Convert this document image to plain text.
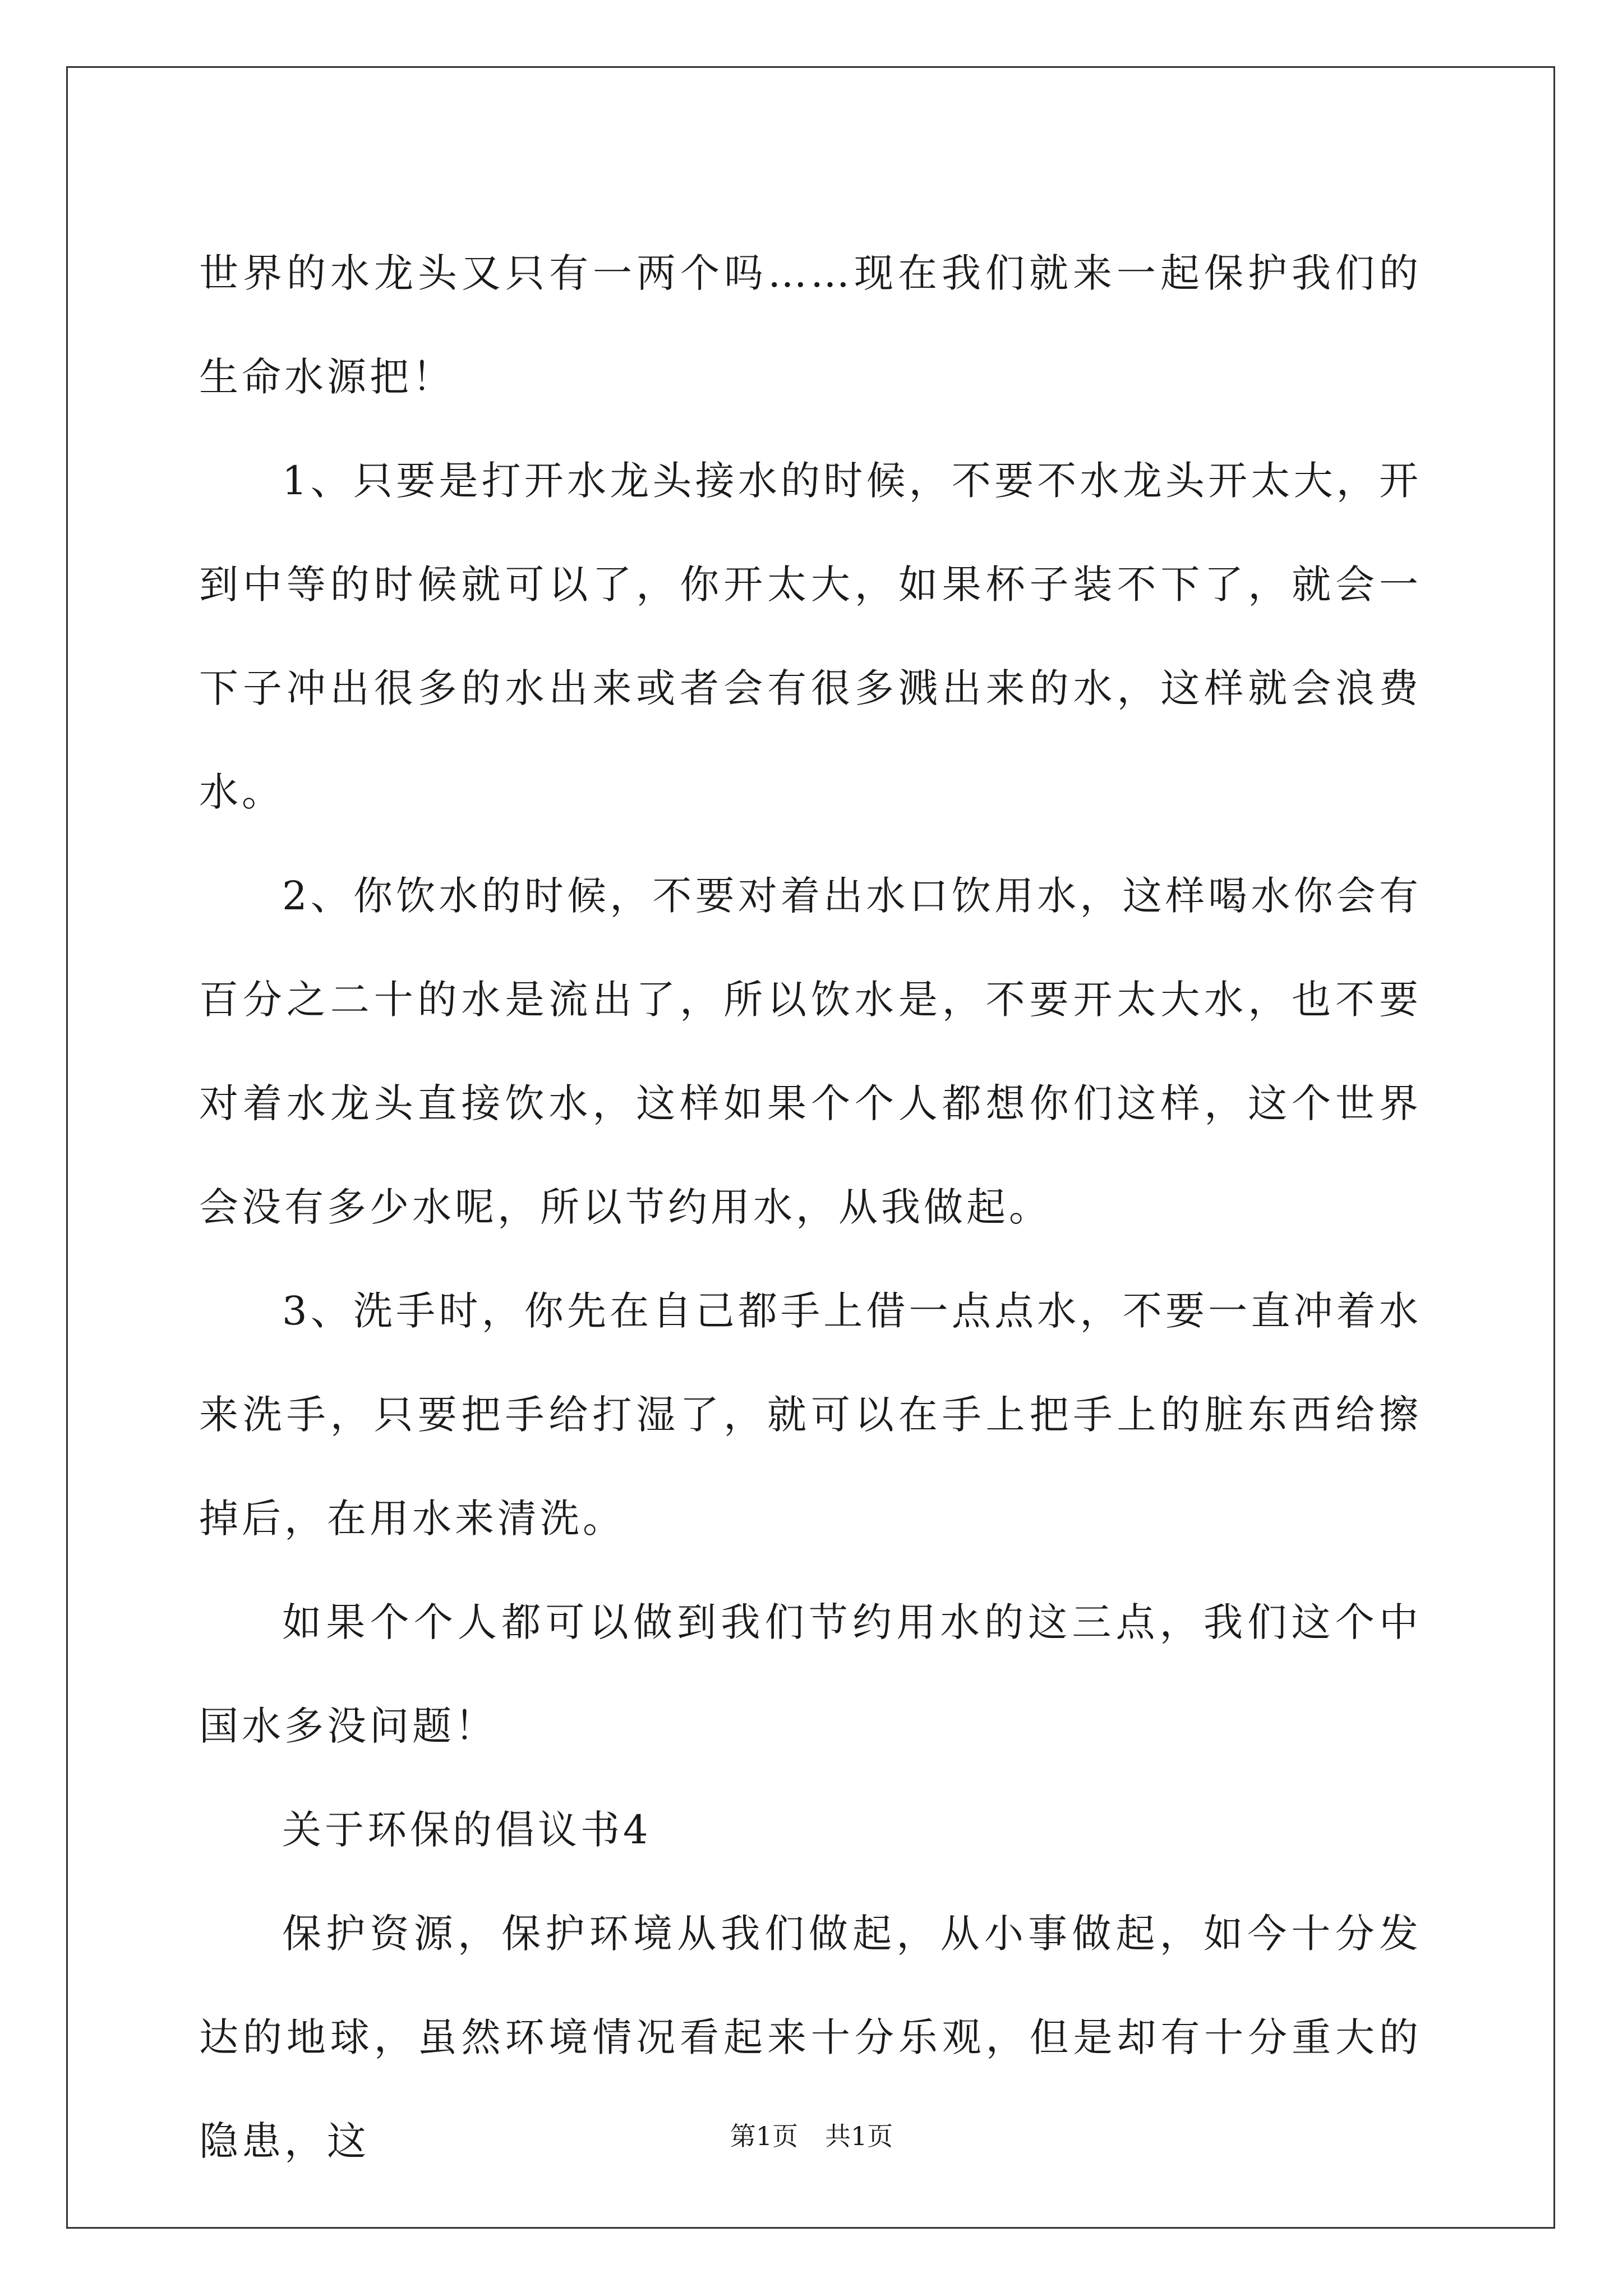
世界的水龙头又只有一两个吗……现在我们就来一起保护我们的生命水源把！

1、只要是打开水龙头接水的时候，不要不水龙头开太大，开到中等的时候就可以了，你开太大，如果杯子装不下了，就会一下子冲出很多的水出来或者会有很多溅出来的水，这样就会浪费水。

2、你饮水的时候，不要对着出水口饮用水，这样喝水你会有百分之二十的水是流出了，所以饮水是，不要开太大水，也不要对着水龙头直接饮水，这样如果个个人都想你们这样，这个世界会没有多少水呢，所以节约用水，从我做起。

3、洗手时，你先在自己都手上借一点点水，不要一直冲着水来洗手，只要把手给打湿了，就可以在手上把手上的脏东西给擦掉后，在用水来清洗。

如果个个人都可以做到我们节约用水的这三点，我们这个中国水多没问题！

关于环保的倡议书4

保护资源，保护环境从我们做起，从小事做起，如今十分发达的地球，虽然环境情况看起来十分乐观，但是却有十分重大的隐患，这	第1页 共1页
